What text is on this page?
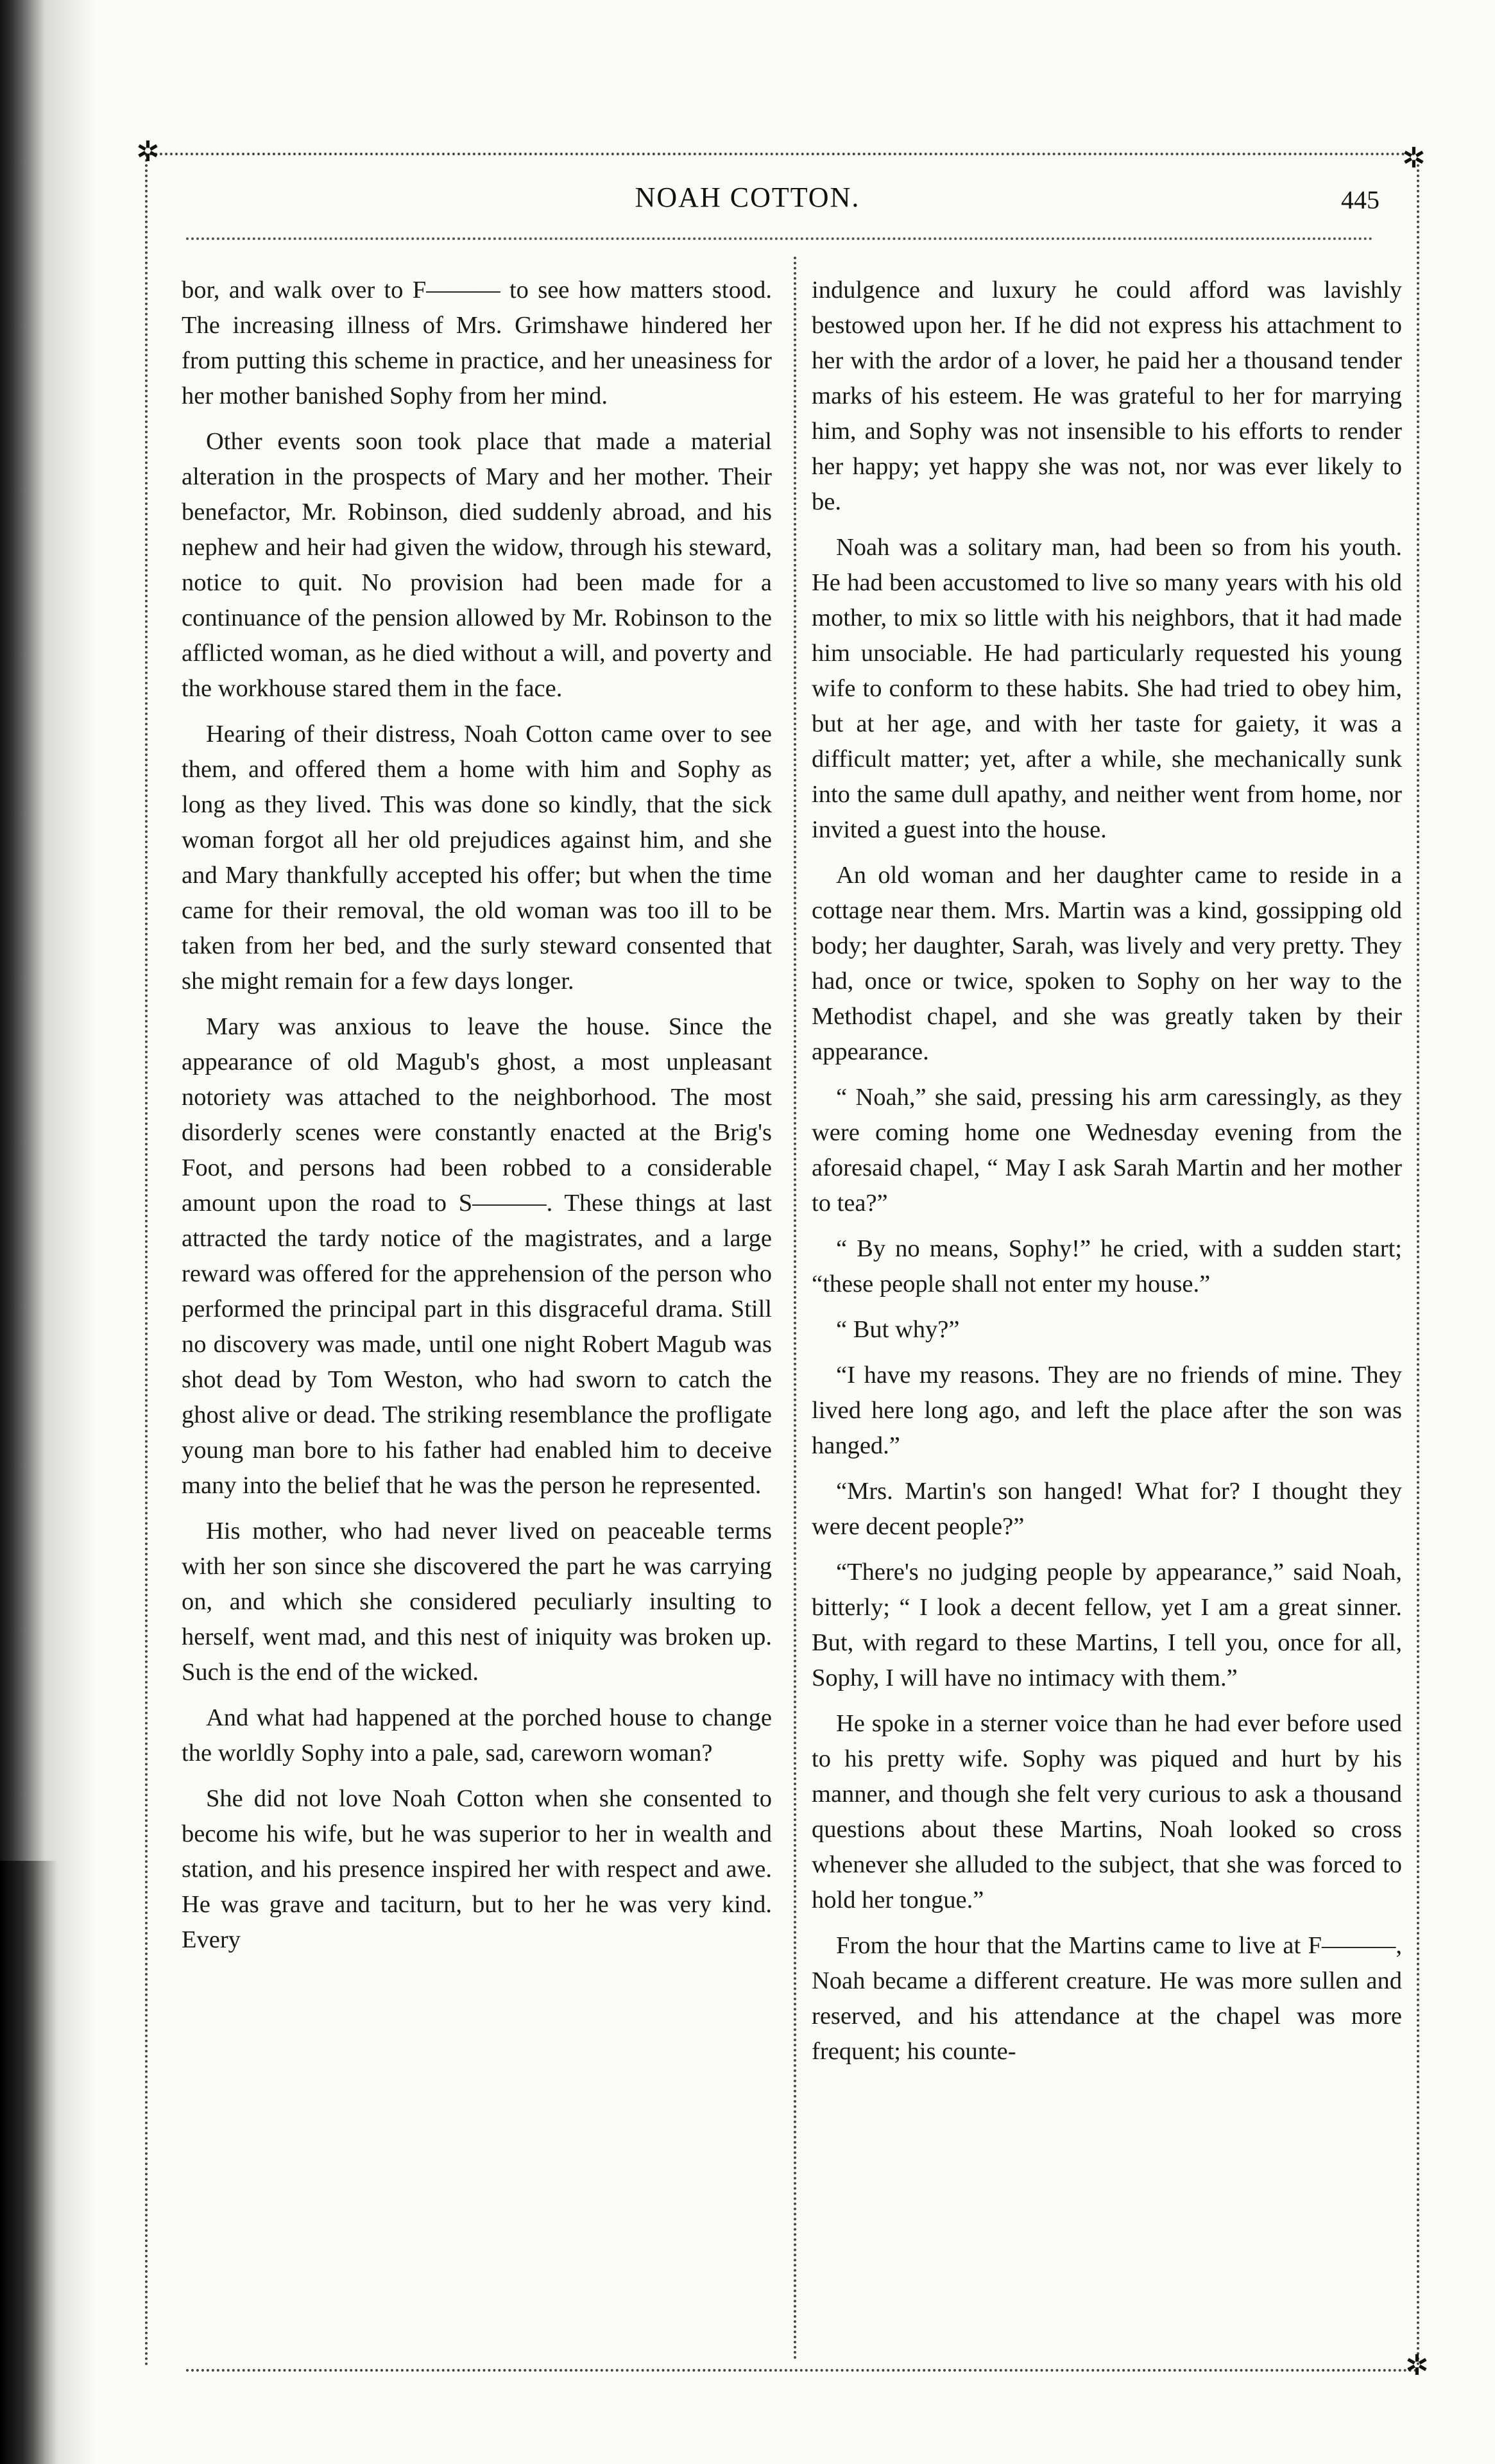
✲	✲
✲
NOAH COTTON.	445

bor, and walk over to F——— to see how matters stood. The increasing illness of Mrs. Grimshawe hindered her from putting this scheme in practice, and her uneasiness for her mother banished Sophy from her mind.

Other events soon took place that made a material alteration in the prospects of Mary and her mother. Their benefactor, Mr. Robinson, died suddenly abroad, and his nephew and heir had given the widow, through his steward, notice to quit. No provision had been made for a continuance of the pension allowed by Mr. Robinson to the afflicted woman, as he died without a will, and poverty and the workhouse stared them in the face.

Hearing of their distress, Noah Cotton came over to see them, and offered them a home with him and Sophy as long as they lived. This was done so kindly, that the sick woman forgot all her old prejudices against him, and she and Mary thankfully accepted his offer; but when the time came for their removal, the old woman was too ill to be taken from her bed, and the surly steward consented that she might remain for a few days longer.

Mary was anxious to leave the house. Since the appearance of old Magub's ghost, a most unpleasant notoriety was attached to the neighborhood. The most disorderly scenes were constantly enacted at the Brig's Foot, and persons had been robbed to a considerable amount upon the road to S———. These things at last attracted the tardy notice of the magistrates, and a large reward was offered for the apprehension of the person who performed the principal part in this disgraceful drama. Still no discovery was made, until one night Robert Magub was shot dead by Tom Weston, who had sworn to catch the ghost alive or dead. The striking resemblance the profligate young man bore to his father had enabled him to deceive many into the belief that he was the person he represented.

His mother, who had never lived on peaceable terms with her son since she discovered the part he was carrying on, and which she considered peculiarly insulting to herself, went mad, and this nest of iniquity was broken up. Such is the end of the wicked.

And what had happened at the porched house to change the worldly Sophy into a pale, sad, careworn woman?

She did not love Noah Cotton when she consented to become his wife, but he was superior to her in wealth and station, and his presence inspired her with respect and awe. He was grave and taciturn, but to her he was very kind. Every

indulgence and luxury he could afford was lavishly bestowed upon her. If he did not express his attachment to her with the ardor of a lover, he paid her a thousand tender marks of his esteem. He was grateful to her for marrying him, and Sophy was not insensible to his efforts to render her happy; yet happy she was not, nor was ever likely to be.

Noah was a solitary man, had been so from his youth. He had been accustomed to live so many years with his old mother, to mix so little with his neighbors, that it had made him unsociable. He had particularly requested his young wife to conform to these habits. She had tried to obey him, but at her age, and with her taste for gaiety, it was a difficult matter; yet, after a while, she mechanically sunk into the same dull apathy, and neither went from home, nor invited a guest into the house.

An old woman and her daughter came to reside in a cottage near them. Mrs. Martin was a kind, gossipping old body; her daughter, Sarah, was lively and very pretty. They had, once or twice, spoken to Sophy on her way to the Methodist chapel, and she was greatly taken by their appearance.

“ Noah,” she said, pressing his arm caressingly, as they were coming home one Wednesday evening from the aforesaid chapel, “ May I ask Sarah Martin and her mother to tea?”

“ By no means, Sophy!” he cried, with a sudden start; “these people shall not enter my house.”

“ But why?”

“I have my reasons. They are no friends of mine. They lived here long ago, and left the place after the son was hanged.”

“Mrs. Martin's son hanged! What for? I thought they were decent people?”

“There's no judging people by appearance,” said Noah, bitterly; “ I look a decent fellow, yet I am a great sinner. But, with regard to these Martins, I tell you, once for all, Sophy, I will have no intimacy with them.”

He spoke in a sterner voice than he had ever before used to his pretty wife. Sophy was piqued and hurt by his manner, and though she felt very curious to ask a thousand questions about these Martins, Noah looked so cross whenever she alluded to the subject, that she was forced to hold her tongue.”

From the hour that the Martins came to live at F———, Noah became a different creature. He was more sullen and reserved, and his attendance at the chapel was more frequent; his counte-
